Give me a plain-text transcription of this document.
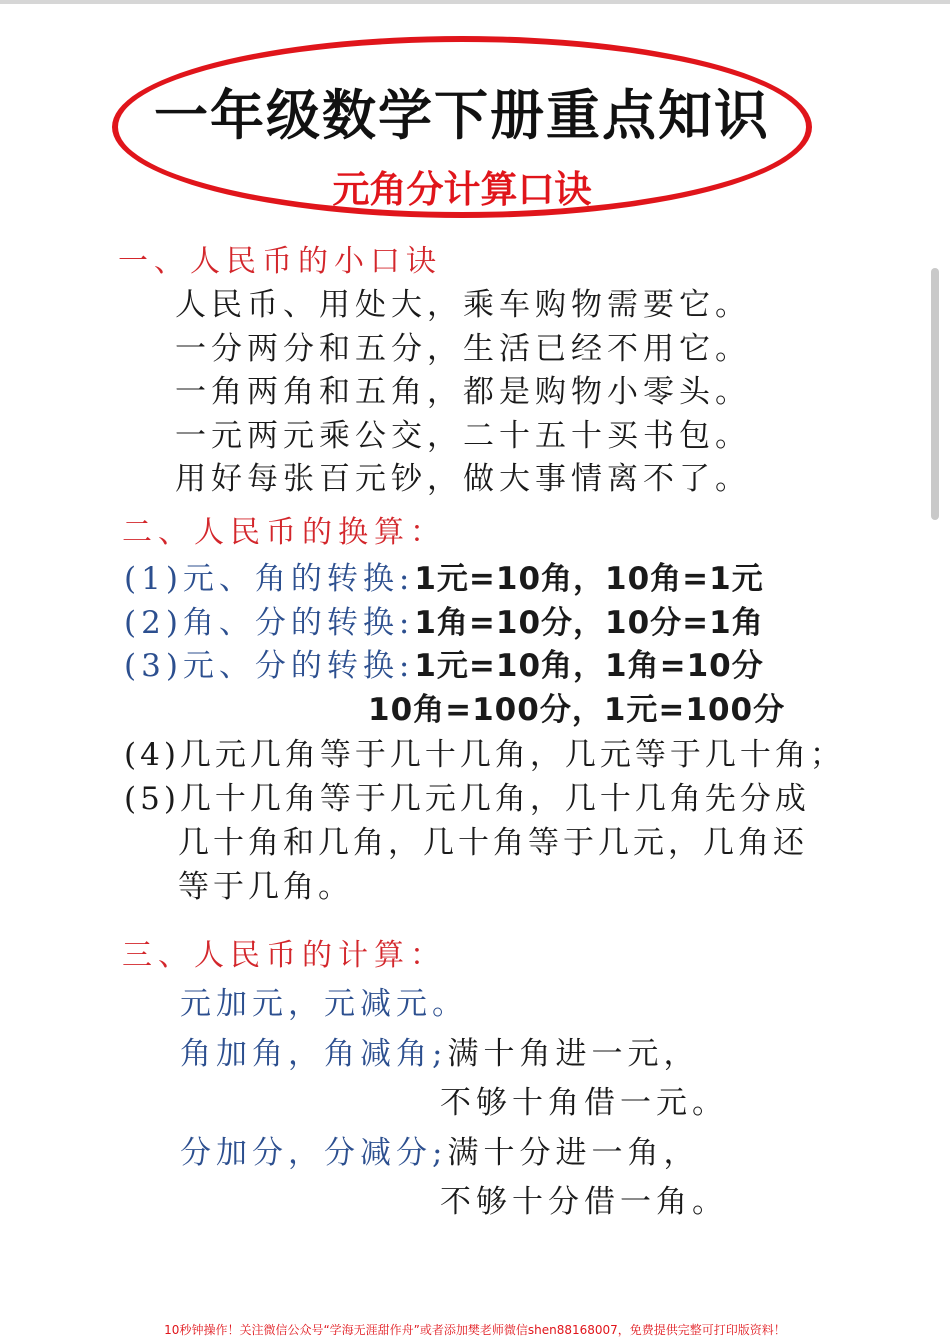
一年级数学下册重点知识
元角分计算口诀
一、人民币的小口诀
人民币、用处大，乘车购物需要它。
一分两分和五分，生活已经不用它。
一角两角和五角，都是购物小零头。
一元两元乘公交，二十五十买书包。
用好每张百元钞，做大事情离不了。
二、人民币的换算：
(1)元、角的转换:1元=10角，10角=1元
(2)角、分的转换:1角=10分，10分=1角
(3)元、分的转换:1元=10角，1角=10分
10角=100分，1元=100分
(4)几元几角等于几十几角，几元等于几十角；
(5)几十几角等于几元几角，几十几角先分成
几十角和几角，几十角等于几元，几角还
等于几角。
三、人民币的计算：
元加元，元减元。
角加角，角减角;满十角进一元，
不够十角借一元。
分加分，分减分;满十分进一角，
不够十分借一角。
10秒钟操作！关注微信公众号“学海无涯甜作舟”或者添加樊老师微信shen88168007，免费提供完整可打印版资料！
